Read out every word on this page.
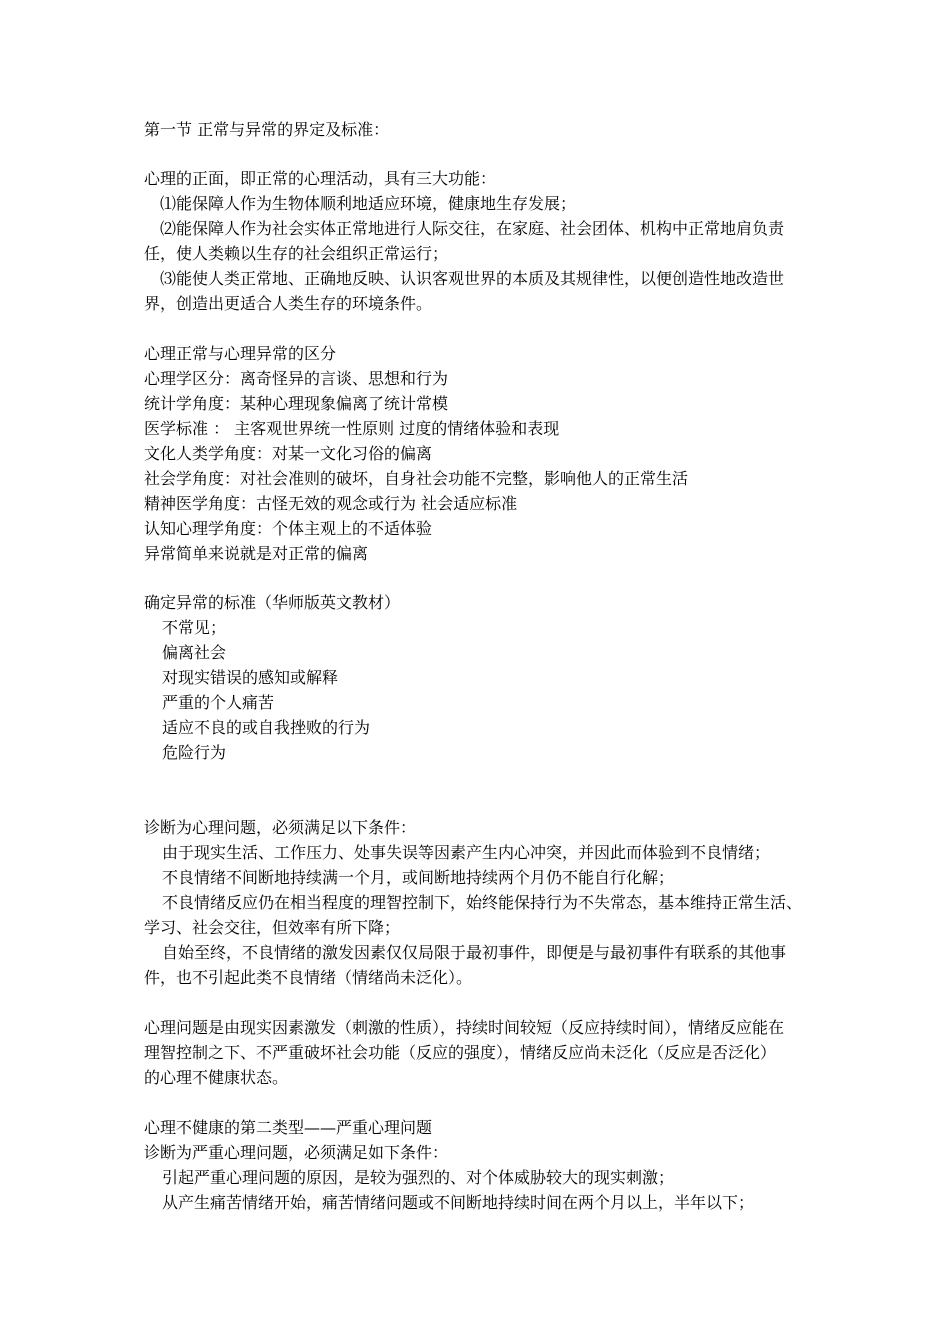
第一节 正常与异常的界定及标准：
心理的正面，即正常的心理活动，具有三大功能：
⑴能保障人作为生物体顺利地适应环境，健康地生存发展；
⑵能保障人作为社会实体正常地进行人际交往，在家庭、社会团体、机构中正常地肩负责
任，使人类赖以生存的社会组织正常运行；
⑶能使人类正常地、正确地反映、认识客观世界的本质及其规律性，以便创造性地改造世
界，创造出更适合人类生存的环境条件。
心理正常与心理异常的区分
心理学区分：离奇怪异的言谈、思想和行为
统计学角度：某种心理现象偏离了统计常模
医学标准 ： 主客观世界统一性原则 过度的情绪体验和表现
文化人类学角度：对某一文化习俗的偏离
社会学角度：对社会准则的破坏，自身社会功能不完整，影响他人的正常生活
精神医学角度：古怪无效的观念或行为 社会适应标准
认知心理学角度：个体主观上的不适体验
异常简单来说就是对正常的偏离
确定异常的标准（华师版英文教材）
不常见；
偏离社会
对现实错误的感知或解释
严重的个人痛苦
适应不良的或自我挫败的行为
危险行为
诊断为心理问题，必须满足以下条件：
由于现实生活、工作压力、处事失误等因素产生内心冲突，并因此而体验到不良情绪；
不良情绪不间断地持续满一个月，或间断地持续两个月仍不能自行化解；
不良情绪反应仍在相当程度的理智控制下，始终能保持行为不失常态，基本维持正常生活、
学习、社会交往，但效率有所下降；
自始至终，不良情绪的激发因素仅仅局限于最初事件，即便是与最初事件有联系的其他事
件，也不引起此类不良情绪（情绪尚未泛化）。
心理问题是由现实因素激发（刺激的性质），持续时间较短（反应持续时间），情绪反应能在
理智控制之下、不严重破坏社会功能（反应的强度），情绪反应尚未泛化（反应是否泛化）
的心理不健康状态。
心理不健康的第二类型——严重心理问题
诊断为严重心理问题，必须满足如下条件：
引起严重心理问题的原因，是较为强烈的、对个体威胁较大的现实刺激；
从产生痛苦情绪开始，痛苦情绪问题或不间断地持续时间在两个月以上，半年以下；
